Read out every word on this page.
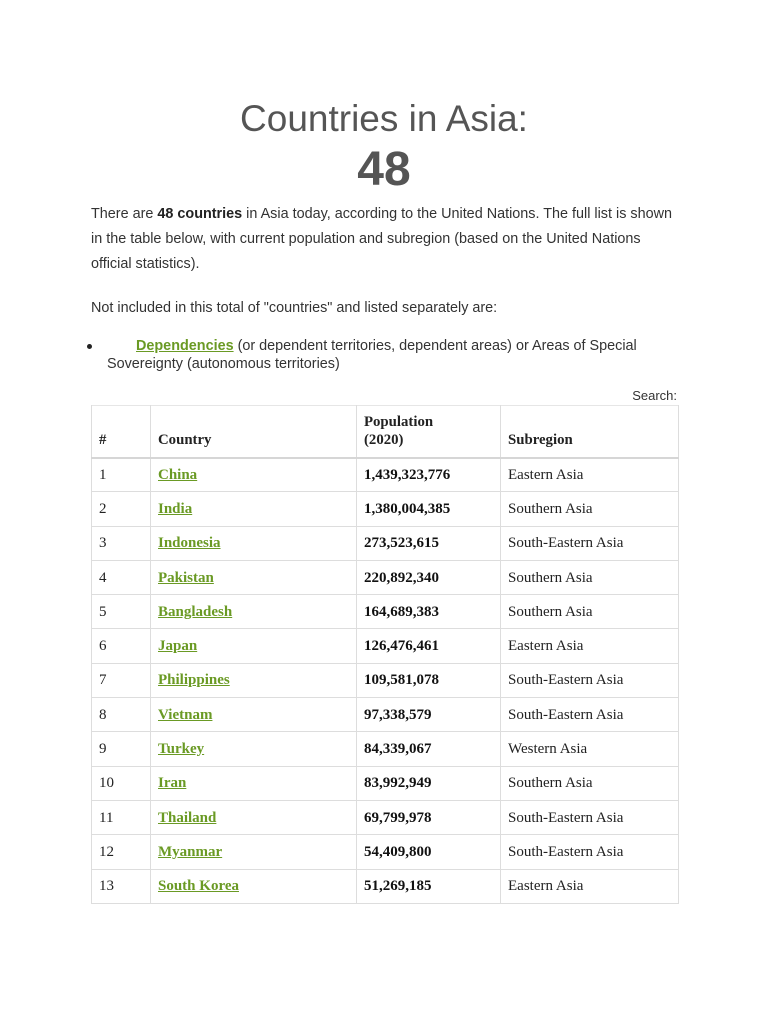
Countries in Asia:
48

There are 48 countries in Asia today, according to the United Nations. The full list is shown in the table below, with current population and subregion (based on the United Nations official statistics).

Not included in this total of "countries" and listed separately are:

Dependencies (or dependent territories, dependent areas) or Areas of Special Sovereignty (autonomous territories)
Search:
#	Country	Population (2020)	Subregion
1	China	1,439,323,776	Eastern Asia
2	India	1,380,004,385	Southern Asia
3	Indonesia	273,523,615	South-Eastern Asia
4	Pakistan	220,892,340	Southern Asia
5	Bangladesh	164,689,383	Southern Asia
6	Japan	126,476,461	Eastern Asia
7	Philippines	109,581,078	South-Eastern Asia
8	Vietnam	97,338,579	South-Eastern Asia
9	Turkey	84,339,067	Western Asia
10	Iran	83,992,949	Southern Asia
11	Thailand	69,799,978	South-Eastern Asia
12	Myanmar	54,409,800	South-Eastern Asia
13	South Korea	51,269,185	Eastern Asia
